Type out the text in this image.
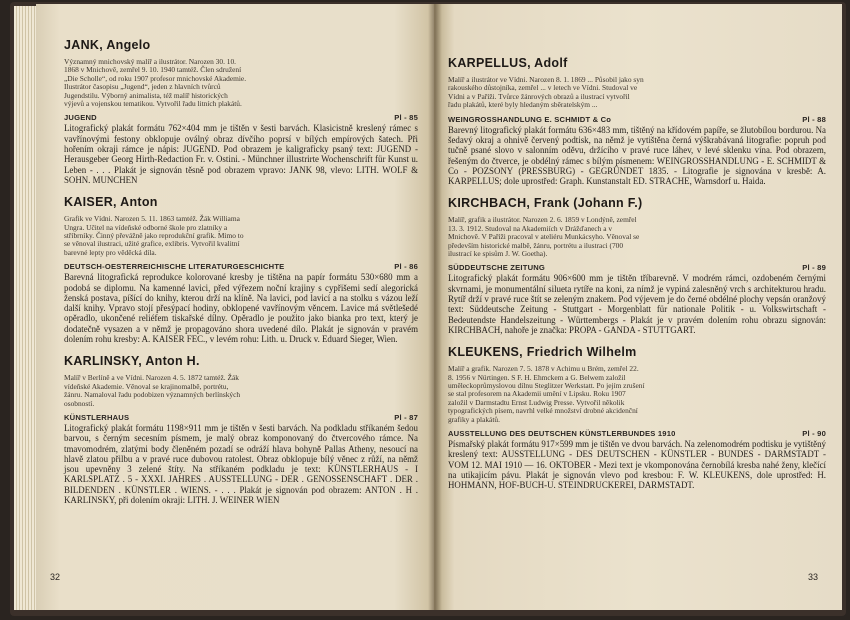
JANK, Angelo

Významný mnichovský malíř a ilustrátor. Narozen 30. 10. 1868 v Mnichově, zemřel 9. 10. 1940 tamtéž. Člen sdružení „Die Scholle“, od roku 1907 profesor mnichovské Akademie. Ilustrátor časopisu „Jugend“, jeden z hlavních tvůrců Jugendstilu. Výborný animalista, též malíř historických výjevů a vojenskou tematikou. Vytvořil řadu litních plakátů.

JUGEND	Pl - 85

Litografický plakát formátu 762×404 mm je tištěn v šesti barvách. Klasicistně kreslený rámec s vavřínovými festony obklopuje oválný obraz dívčího poprsí v bílých empírových šatech. Při hořením okraji rámce je nápis: JUGEND. Pod obrazem je kaligraficky psaný text: JUGEND - Herausgeber Georg Hirth-Redaction Fr. v. Ostini. - Münchner illustrirte Wochenschrift für Kunst u. Leben - . . . Plakát je signován těsně pod obrazem vpravo: JANK 98, vlevo: LITH. WOLF & SOHN. MUNCHEN

KAISER, Anton

Grafik ve Vídni. Narozen 5. 11. 1863 tamtéž. Žák Williama Ungra. Učitel na vídeňské odborné škole pro zlatníky a stříbrníky. Činný převážně jako reprodukční grafik. Mimo to se věnoval ilustraci, užité grafice, exlibris. Vytvořil kvalitní barevné lepty pro věděcká díla.

DEUTSCH-OESTERREICHISCHE LITERATURGESCHICHTE	Pl - 86

Barevná litografická reprodukce kolorované kresby je tištěna na papír formátu 530×680 mm a podobá se diplomu. Na kamenné lavici, před výřezem noční krajiny s cypřišemi sedí alegorická ženská postava, píšící do knihy, kterou drží na klíně. Na lavici, pod lavicí a na stolku s vázou leží další knihy. Vpravo stojí přesýpací hodiny, obklopené vavřínovým věncem. Lavice má světlešedé opěradlo, ukončené reliéfem tiskařské dílny. Opěradlo je použito jako bianka pro text, který je dodatečně vysazen a v němž je propagováno shora uvedené dílo. Plakát je signován v pravém dolením rohu kresby: A. KAISER FEC., v levém rohu: Lith. u. Druck v. Eduard Sieger, Wien.

KARLINSKY, Anton H.

Malíř v Berlíně a ve Vídni. Narozen 4. 5. 1872 tamtéž. Žák vídeňské Akademie. Věnoval se krajinomalbě, portrétu, žánru. Namaloval řadu podobizen významných berlínských osobností.

KÜNSTLERHAUS	Pl - 87

Litografický plakát formátu 1198×911 mm je tištěn v šesti barvách. Na podkladu stříkaném šedou barvou, s černým secesním písmem, je malý obraz komponovaný do čtvercového rámce. Na tmavomodrém, zlatými body členěném pozadí se odráží hlava bohyně Pallas Atheny, nesoucí na hlavě zlatou přilbu a v pravé ruce dubovou ratolest. Obraz obklopuje bílý věnec z růží, na němž jsou upevněny 3 zelené štíty. Na stříkaném podkladu je text: KÜNSTLERHAUS - I KARLSPLATZ . 5 - XXXI. JAHRES . AUSSTELLUNG - DER . GENOSSENSCHAFT . DER . BILDENDEN . KÜNSTLER . WIENS. - . . . Plakát je signován pod obrazem: ANTON . H . KARLINSKY, při dolením okraji: LITH. J. WEINER WIEN

32
KARPELLUS, Adolf

Malíř a ilustrátor ve Vídni. Narozen 8. 1. 1869 ... Působil jako syn rakouského důstojníka, zemřel ... v letech ve Vídni. Studoval ve Vídni a v Paříži. Tvůrce žánrových obrazů a ilustrací vytvořil řadu plakátů, které byly hledaným sběratelským ...

WEINGROSSHANDLUNG E. SCHMIDT & Co	Pl - 88

Barevný litografický plakát formátu 636×483 mm, tištěný na křídovém papíře, se žlutobílou bordurou. Na šedavý okraj a ohnivě červený podtisk, na němž je vytištěna černá výškrabávaná litografie: popruh pod tučně psané slovo v salonním oděvu, držícího v pravé ruce láhev, v levé sklenku vína. Pod obrazem, řešeným do čtverce, je obdélný rámec s bílým písmenem: WEINGROSSHANDLUNG - E. SCHMIDT & Co - POZSONY (PRESSBURG) - GEGRÜNDET 1835. - Litografie je signována v kresbě: A. KARPELLUS; dole uprostřed: Graph. Kunstanstalt ED. STRACHE, Warnsdorf u. Haida.

KIRCHBACH, Frank (Johann F.)

Malíř, grafik a ilustrátor. Narozen 2. 6. 1859 v Londýně, zemřel 13. 3. 1912. Studoval na Akademiích v Drážďanech a v Mnichově. V Paříži pracoval v ateliéru Munkácsyho. Věnoval se především historické malbě, žánru, portrétu a ilustraci (700 ilustrací ke spisům J. W. Goetha).

SÜDDEUTSCHE ZEITUNG	Pl - 89

Litografický plakát formátu 906×600 mm je tištěn tříbarevně. V modrém rámci, ozdobeném černými skvrnami, je monumentální silueta rytíře na koni, za nímž je vypiná zalesněný vrch s architekturou hradu. Rytíř drží v pravé ruce štít se zeleným znakem. Pod výjevem je do černé obdélné plochy vepsán oranžový text: Süddeutsche Zeitung - Stuttgart - Morgenblatt für nationale Politik - u. Volkswirtschaft - Bedeutendste Handelszeitung - Württembergs - Plakát je v pravém dolením rohu obrazu signován: KIRCHBACH, nahoře je značka: PROPA - GANDA - STUTTGART.

KLEUKENS, Friedrich Wilhelm

Malíř a grafik. Narozen 7. 5. 1878 v Achimu u Brém, zemřel 22. 8. 1956 v Nürtingen. S F. H. Ehmckem a G. Belwem založil uměleckoprůmyslovou dílnu Steglitzer Werkstatt. Po jejím zrušení se stal profesorem na Akademii umění v Lipsku. Roku 1907 založil v Darmstadtu Ernst Ludwig Presse. Vytvořil několik typografických písem, navrhl velké množství drobné akcidenční grafiky a plakátů.

AUSSTELLUNG DES DEUTSCHEN KÜNSTLERBUNDES 1910	Pl - 90

Písmařský plakát formátu 917×599 mm je tištěn ve dvou barvách. Na zelenomodrém podtisku je vytištěný kreslený text: AUSSTELLUNG - DES DEUTSCHEN - KÜNSTLER - BUNDES - DARMSTADT - VOM 12. MAI 1910 — 16. OKTOBER - Mezi text je vkomponována černobílá kresba nahé ženy, klečící na utikajicím pávu. Plakát je signován vlevo pod kresbou: F. W. KLEUKENS, dole uprostřed: H. HOHMANN, HOF-BUCH-U. STEINDRUCKEREI, DARMSTADT.

33
